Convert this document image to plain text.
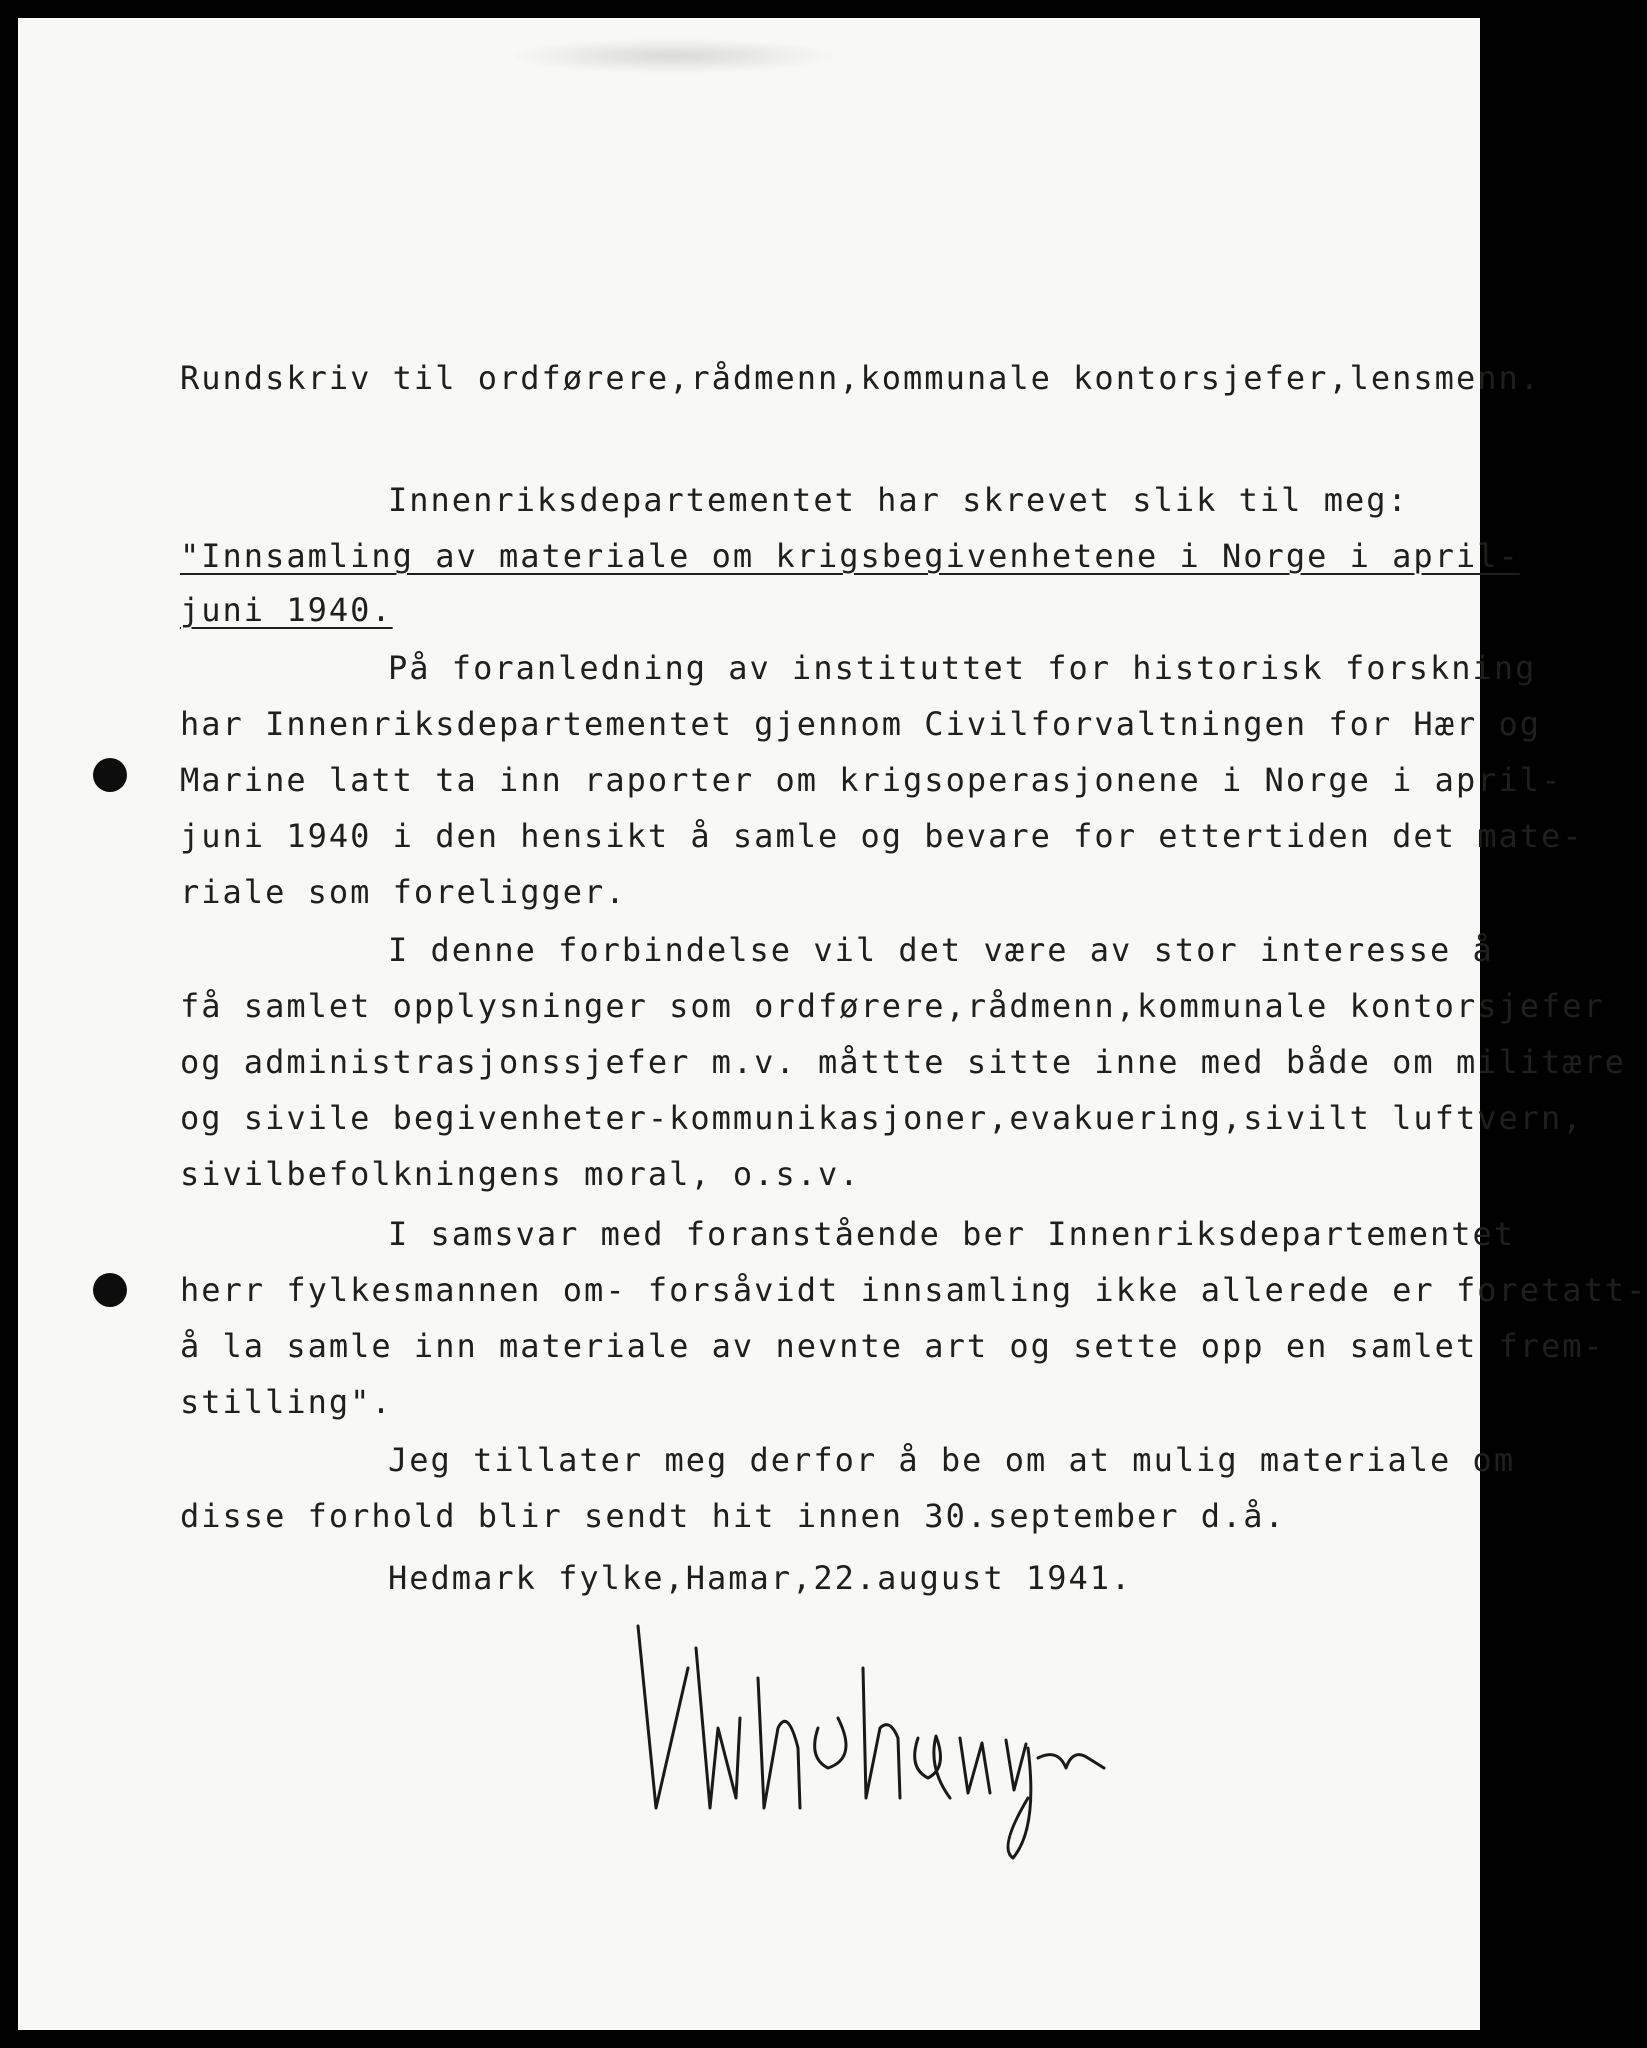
Rundskriv til ordførere,rådmenn,kommunale kontorsjefer,lensmenn.
Innenriksdepartementet har skrevet slik til meg:
"Innsamling av materiale om krigsbegivenhetene i Norge i april-
juni 1940.
På foranledning av instituttet for historisk forskning
har Innenriksdepartementet gjennom Civilforvaltningen for Hær og
Marine latt ta inn raporter om krigsoperasjonene i Norge i april-
juni 1940 i den hensikt å samle og bevare for ettertiden det mate-
riale som foreligger.
I denne forbindelse vil det være av stor interesse å
få samlet opplysninger som ordførere,rådmenn,kommunale kontorsjefer
og administrasjonssjefer m.v. måttte sitte inne med både om militære
og sivile begivenheter-kommunikasjoner,evakuering,sivilt luftvern,
sivilbefolkningens moral, o.s.v.
I samsvar med foranstående ber Innenriksdepartementet
herr fylkesmannen om- forsåvidt innsamling ikke allerede er foretatt-
å la samle inn materiale av nevnte art og sette opp en samlet frem-
stilling".
Jeg tillater meg derfor å be om at mulig materiale om
disse forhold blir sendt hit innen 30.september d.å.
Hedmark fylke,Hamar,22.august 1941.
